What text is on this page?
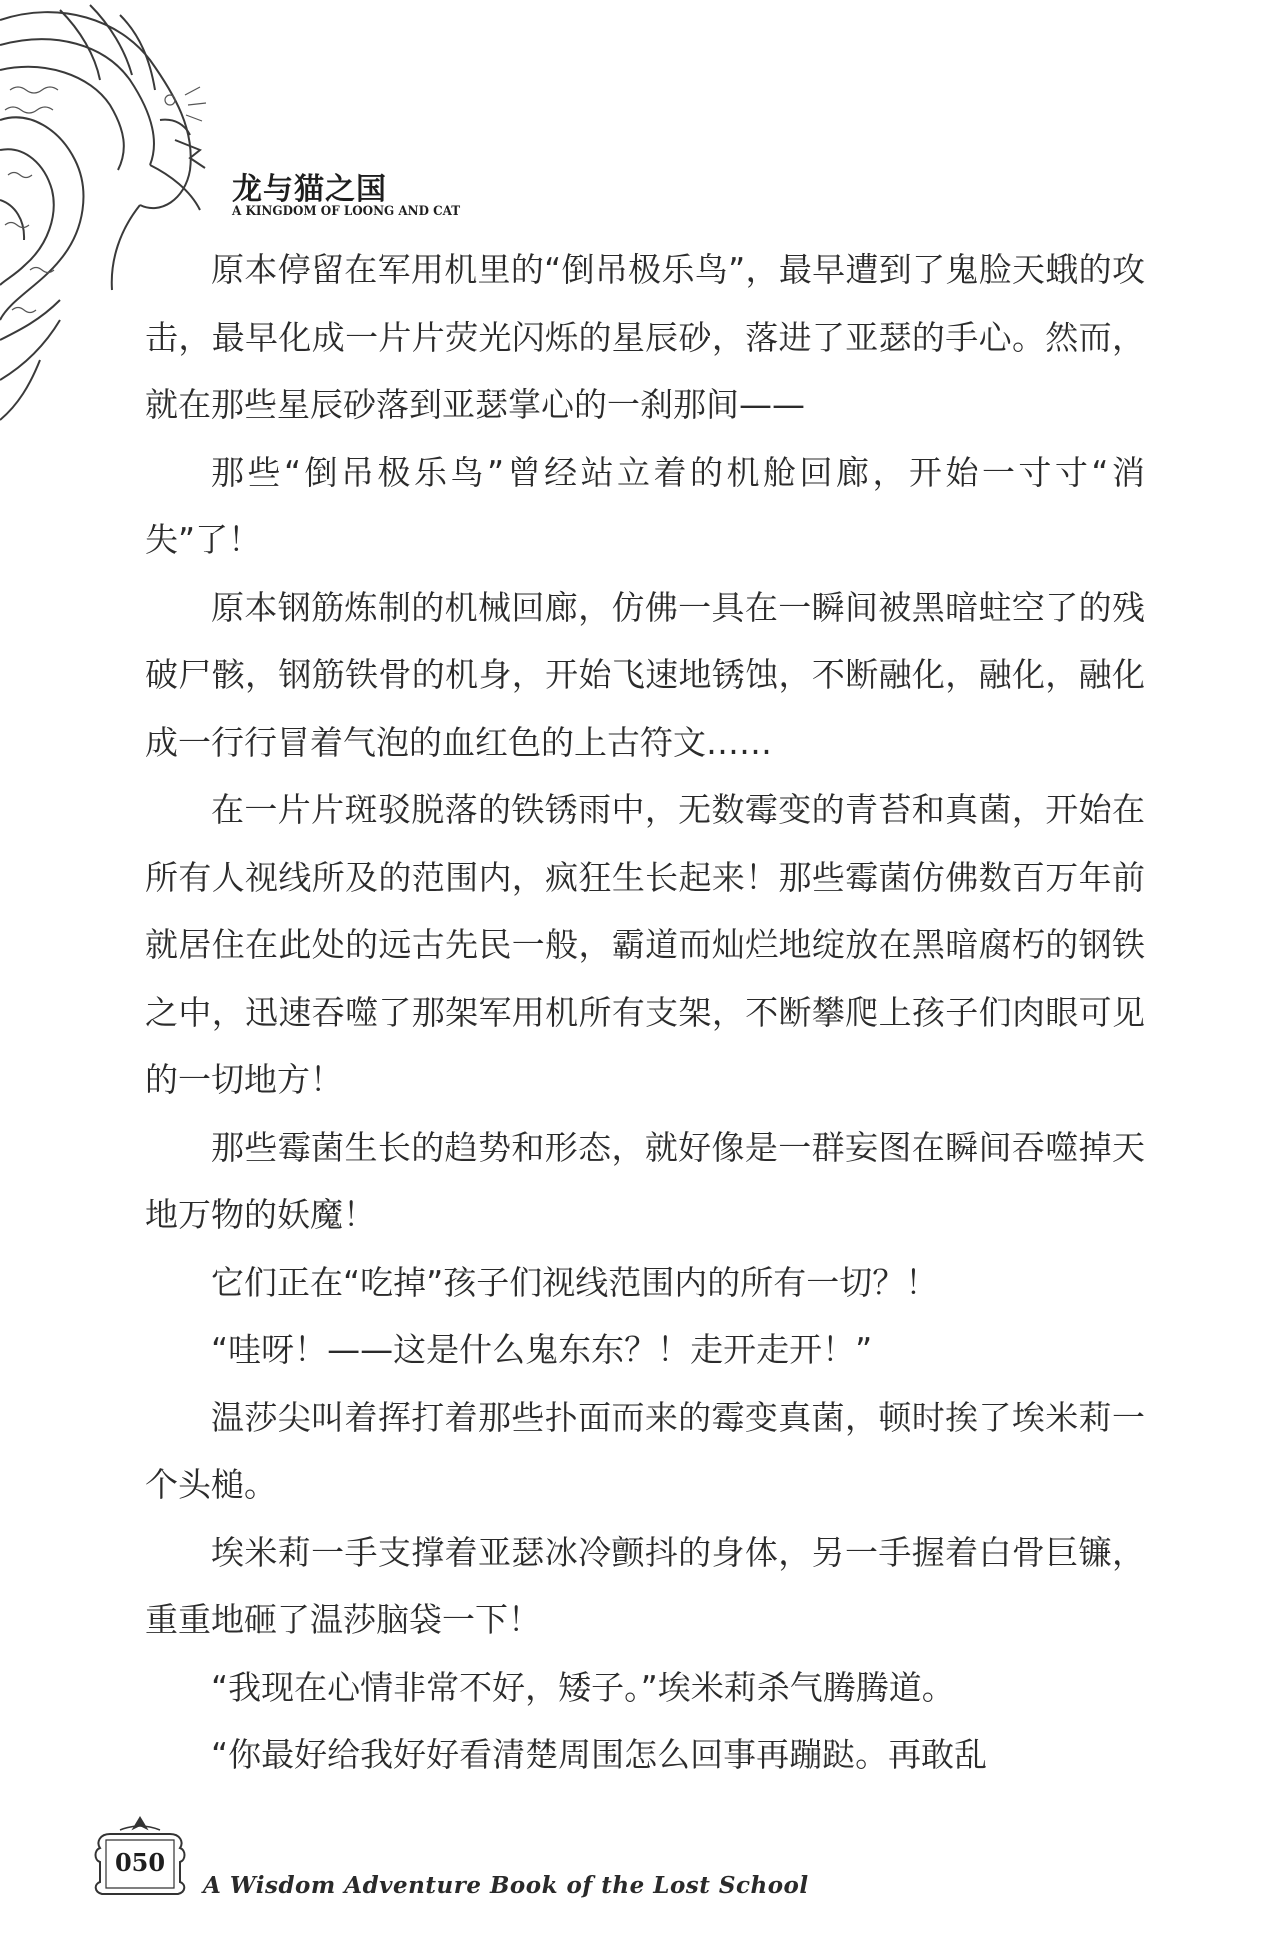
龙与猫之国
A KINGDOM OF LOONG AND CAT

原本停留在军用机里的“倒吊极乐鸟”，最早遭到了鬼脸天蛾的攻击，最早化成一片片荧光闪烁的星辰砂，落进了亚瑟的手心。然而，就在那些星辰砂落到亚瑟掌心的一刹那间——

那些“倒吊极乐鸟”曾经站立着的机舱回廊，开始一寸寸“消失”了！

原本钢筋炼制的机械回廊，仿佛一具在一瞬间被黑暗蛀空了的残破尸骸，钢筋铁骨的机身，开始飞速地锈蚀，不断融化，融化，融化成一行行冒着气泡的血红色的上古符文……

在一片片斑驳脱落的铁锈雨中，无数霉变的青苔和真菌，开始在所有人视线所及的范围内，疯狂生长起来！那些霉菌仿佛数百万年前就居住在此处的远古先民一般，霸道而灿烂地绽放在黑暗腐朽的钢铁之中，迅速吞噬了那架军用机所有支架，不断攀爬上孩子们肉眼可见的一切地方！

那些霉菌生长的趋势和形态，就好像是一群妄图在瞬间吞噬掉天地万物的妖魔！

它们正在“吃掉”孩子们视线范围内的所有一切？！

“哇呀！——这是什么鬼东东？！走开走开！”

温莎尖叫着挥打着那些扑面而来的霉变真菌，顿时挨了埃米莉一个头槌。

埃米莉一手支撑着亚瑟冰冷颤抖的身体，另一手握着白骨巨镰，重重地砸了温莎脑袋一下！

“我现在心情非常不好，矮子。”埃米莉杀气腾腾道。

“你最好给我好好看清楚周围怎么回事再蹦跶。再敢乱

050
A Wisdom Adventure Book of the Lost School
